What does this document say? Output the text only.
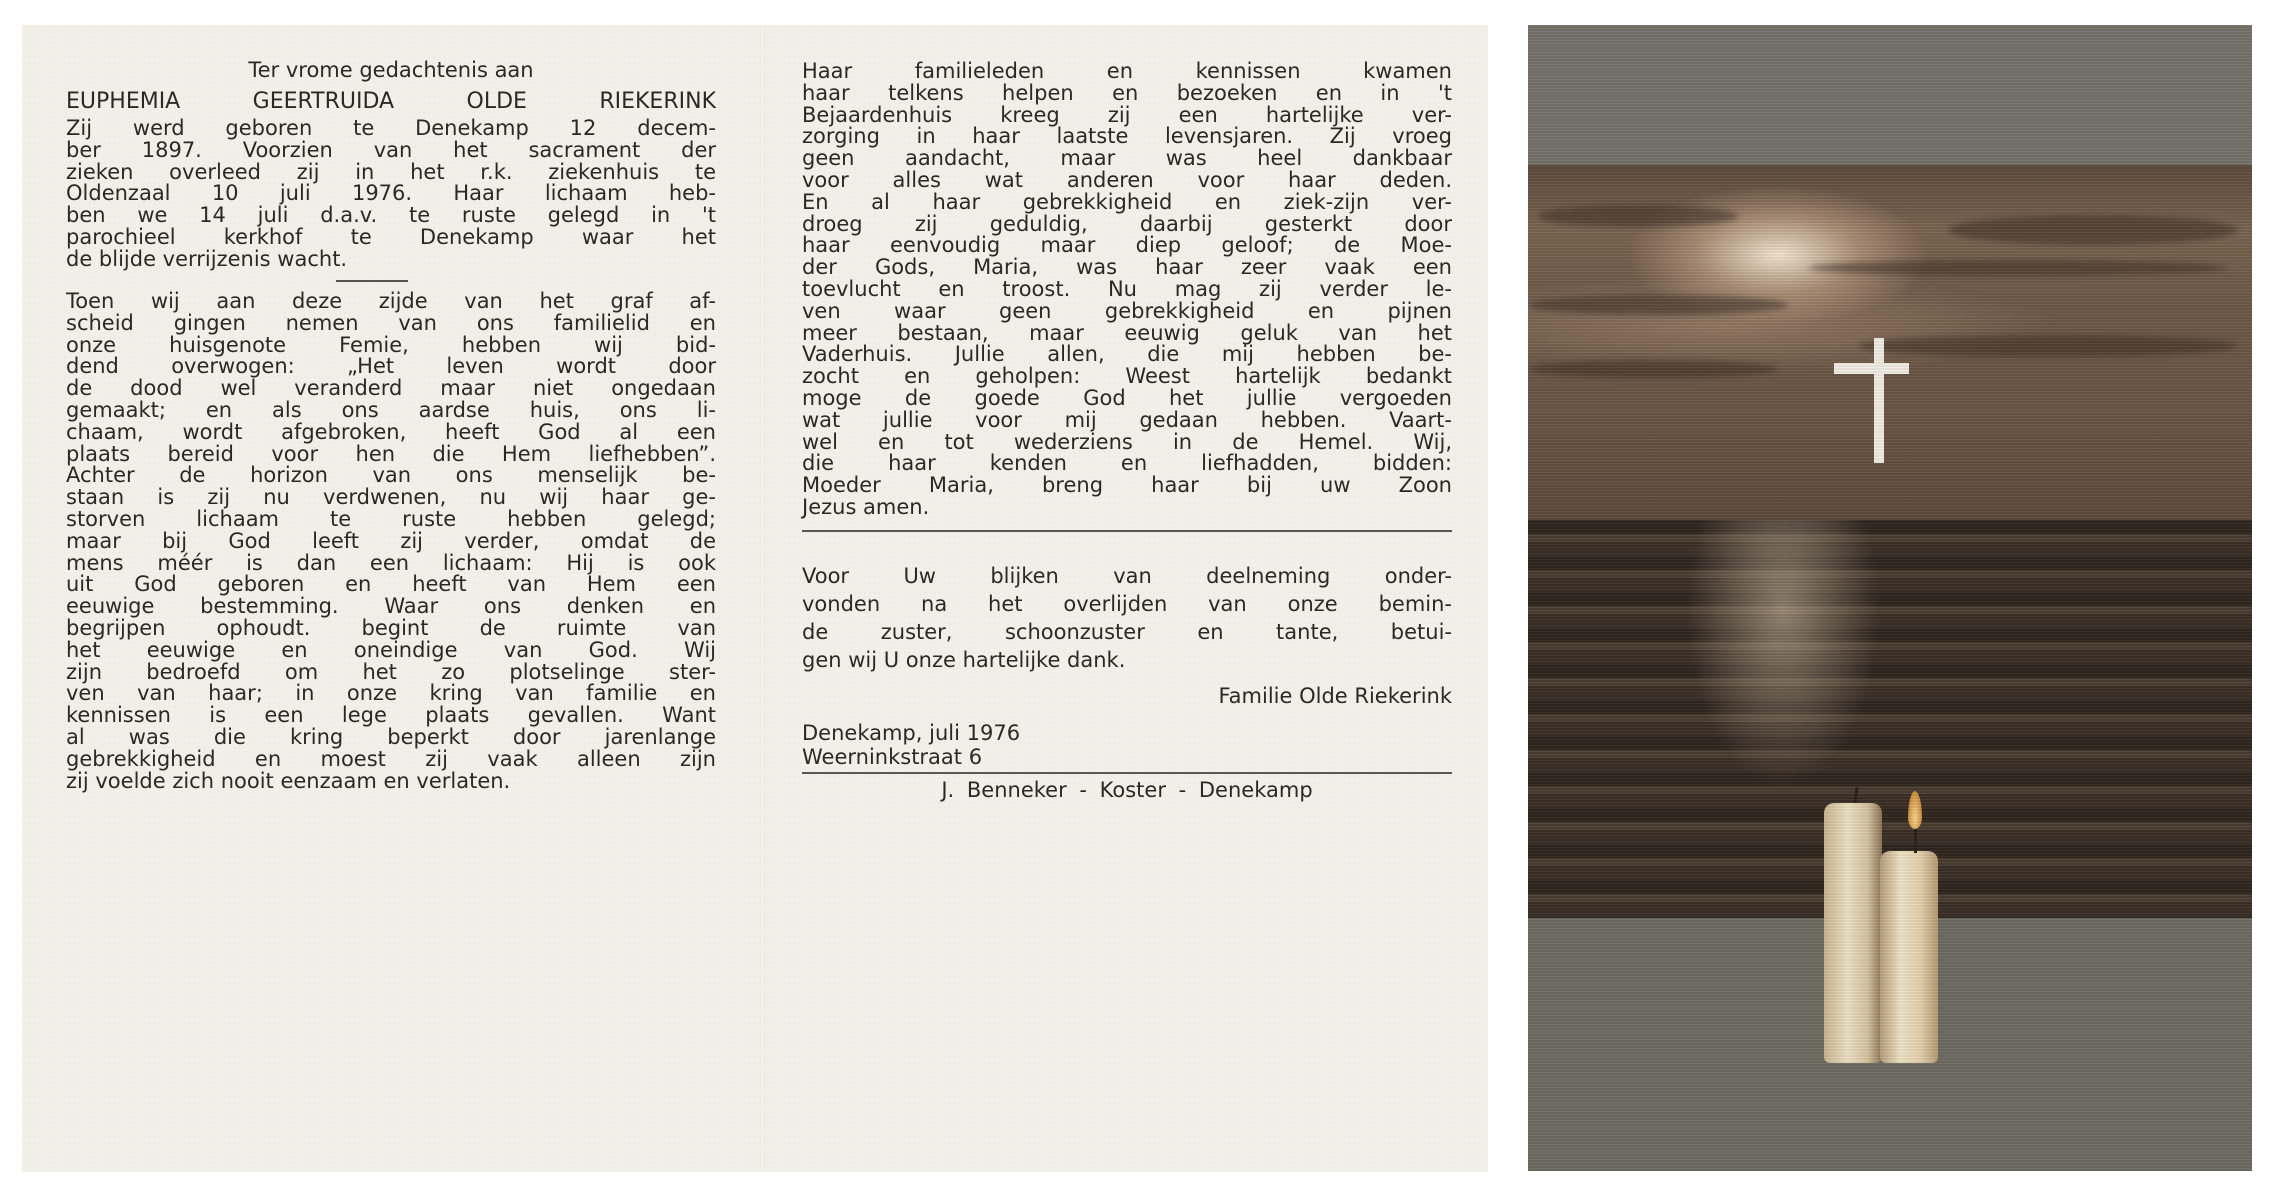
Ter vrome gedachtenis aan
EUPHEMIA GEERTRUIDA OLDE RIEKERINK
Zij werd geboren te Denekamp 12 decem-
ber 1897. Voorzien van het sacrament der
zieken overleed zij in het r.k. ziekenhuis te
Oldenzaal 10 juli 1976. Haar lichaam heb-
ben we 14 juli d.a.v. te ruste gelegd in 't
parochieel kerkhof te Denekamp waar het
de blijde verrijzenis wacht.
Toen wij aan deze zijde van het graf af-
scheid gingen nemen van ons familielid en
onze huisgenote Femie, hebben wij bid-
dend overwogen: „Het leven wordt door
de dood wel veranderd maar niet ongedaan
gemaakt; en als ons aardse huis, ons li-
chaam, wordt afgebroken, heeft God al een
plaats bereid voor hen die Hem liefhebben”.
Achter de horizon van ons menselijk be-
staan is zij nu verdwenen, nu wij haar ge-
storven lichaam te ruste hebben gelegd;
maar bij God leeft zij verder, omdat de
mens méér is dan een lichaam: Hij is ook
uit God geboren en heeft van Hem een
eeuwige bestemming. Waar ons denken en
begrijpen ophoudt. begint de ruimte van
het eeuwige en oneindige van God. Wij
zijn bedroefd om het zo plotselinge ster-
ven van haar; in onze kring van familie en
kennissen is een lege plaats gevallen. Want
al was die kring beperkt door jarenlange
gebrekkigheid en moest zij vaak alleen zijn
zij voelde zich nooit eenzaam en verlaten.
Haar familieleden en kennissen kwamen
haar telkens helpen en bezoeken en in 't
Bejaardenhuis kreeg zij een hartelijke ver-
zorging in haar laatste levensjaren. Zij vroeg
geen aandacht, maar was heel dankbaar
voor alles wat anderen voor haar deden.
En al haar gebrekkigheid en ziek-zijn ver-
droeg zij geduldig, daarbij gesterkt door
haar eenvoudig maar diep geloof; de Moe-
der Gods, Maria, was haar zeer vaak een
toevlucht en troost. Nu mag zij verder le-
ven waar geen gebrekkigheid en pijnen
meer bestaan, maar eeuwig geluk van het
Vaderhuis. Jullie allen, die mij hebben be-
zocht en geholpen: Weest hartelijk bedankt
moge de goede God het jullie vergoeden
wat jullie voor mij gedaan hebben. Vaart-
wel en tot wederziens in de Hemel. Wij,
die haar kenden en liefhadden, bidden:
Moeder Maria, breng haar bij uw Zoon
Jezus amen.
Voor Uw blijken van deelneming onder-
vonden na het overlijden van onze bemin-
de zuster, schoonzuster en tante, betui-
gen wij U onze hartelijke dank.
Familie Olde Riekerink
Denekamp, juli 1976
Weerninkstraat 6
J. Benneker - Koster - Denekamp
